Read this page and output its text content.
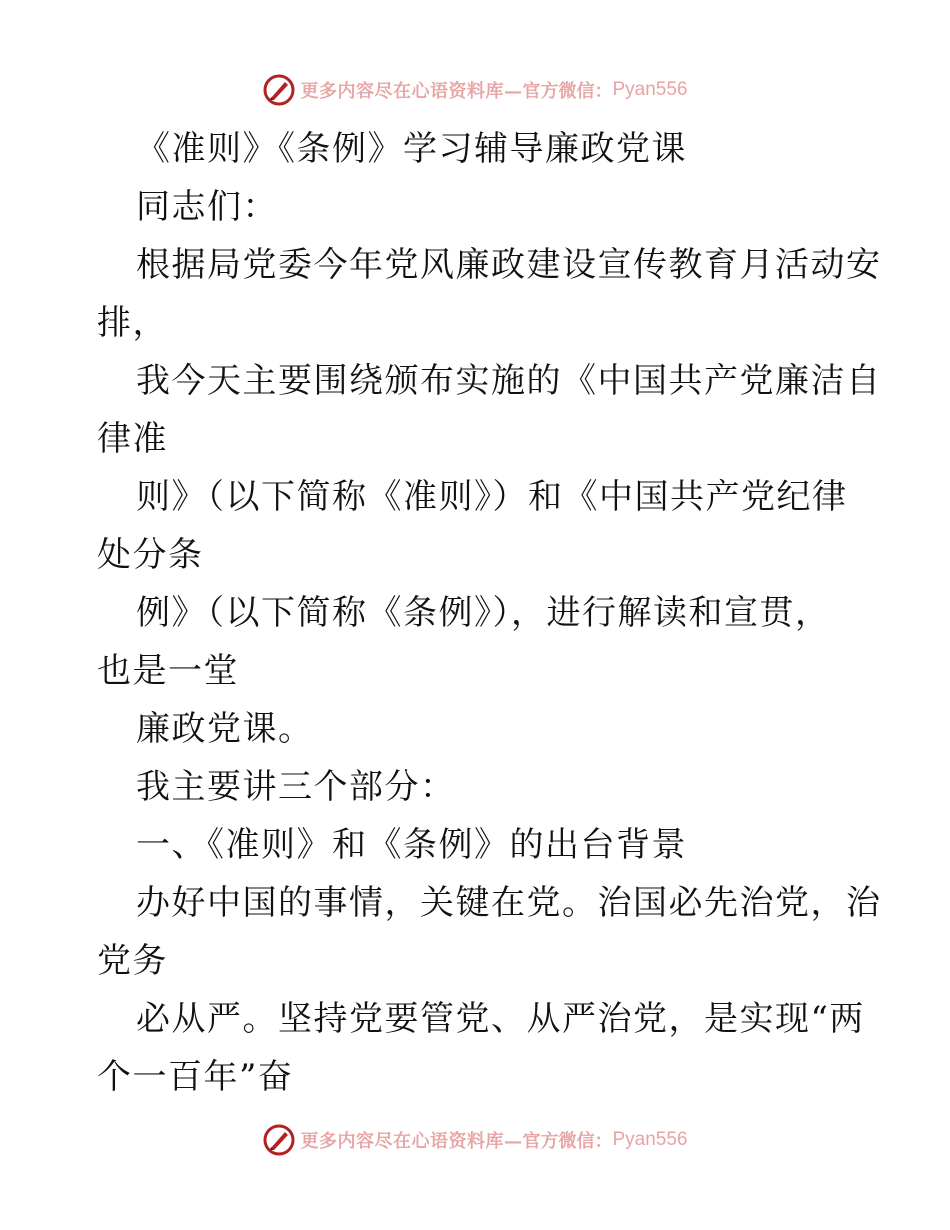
更多内容尽在心语资料库— 官方微信： Pyan556
《准则》《条例》学习辅导廉政党课
同志们：
根据局党委今年党风廉政建设宣传教育月活动安
排，
我今天主要围绕颁布实施的《中国共产党廉洁自
律准
则》（以下简称《准则》）和《中国共产党纪律
处分条
例》（以下简称《条例》），进行解读和宣贯，
也是一堂
廉政党课。
我主要讲三个部分：
一、《准则》和《条例》的出台背景
办好中国的事情，关键在党。治国必先治党，治
党务
必从严。坚持党要管党、从严治党，是实现“两
个一百年”奋
更多内容尽在心语资料库— 官方微信： Pyan556
